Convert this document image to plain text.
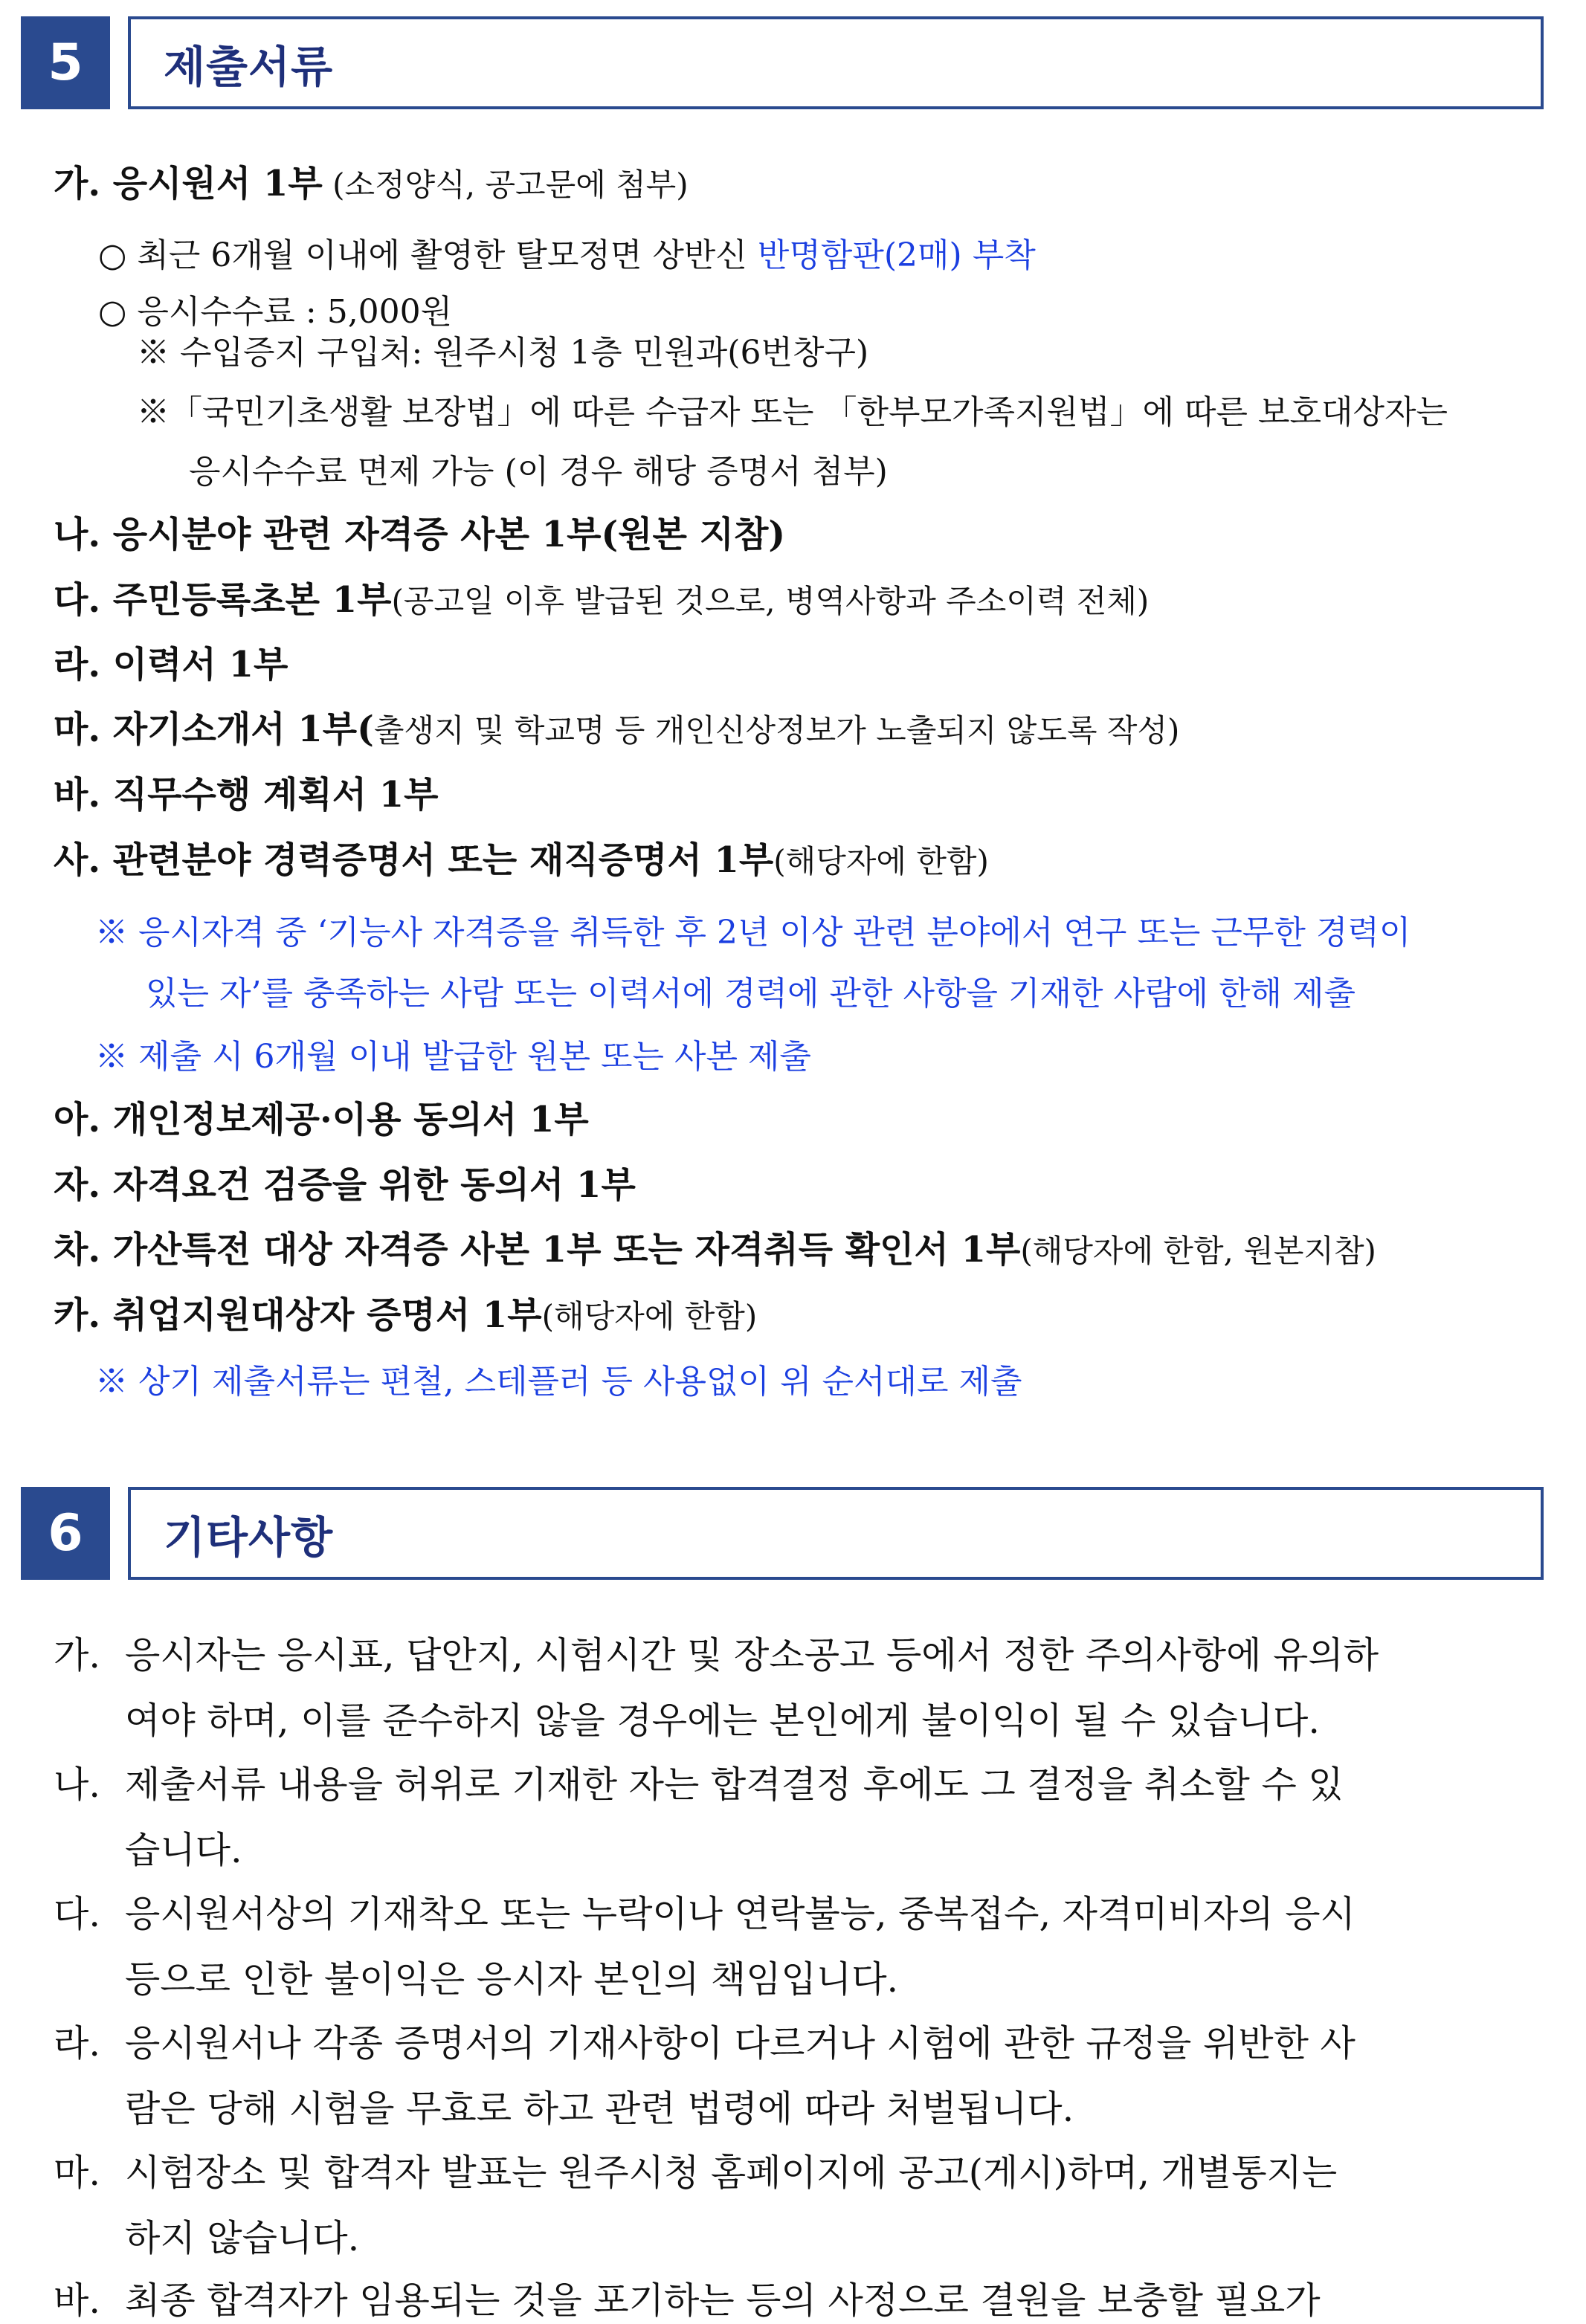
5	제출서류
가. 응시원서 1부 (소정양식, 공고문에 첨부)
○ 최근 6개월 이내에 촬영한 탈모정면 상반신 반명함판(2매) 부착
○ 응시수수료 : 5,000원
※ 수입증지 구입처: 원주시청 1층 민원과(6번창구)
※「국민기초생활 보장법」에 따른 수급자 또는 「한부모가족지원법」에 따른 보호대상자는
응시수수료 면제 가능 (이 경우 해당 증명서 첨부)
나. 응시분야 관련 자격증 사본 1부(원본 지참)
다. 주민등록초본 1부(공고일 이후 발급된 것으로, 병역사항과 주소이력 전체)
라. 이력서 1부
마. 자기소개서 1부(출생지 및 학교명 등 개인신상정보가 노출되지 않도록 작성)
바. 직무수행 계획서 1부
사. 관련분야 경력증명서 또는 재직증명서 1부(해당자에 한함)
※ 응시자격 중 ‘기능사 자격증을 취득한 후 2년 이상 관련 분야에서 연구 또는 근무한 경력이
있는 자’를 충족하는 사람 또는 이력서에 경력에 관한 사항을 기재한 사람에 한해 제출
※ 제출 시 6개월 이내 발급한 원본 또는 사본 제출
아. 개인정보제공·이용 동의서 1부
자. 자격요건 검증을 위한 동의서 1부
차. 가산특전 대상 자격증 사본 1부 또는 자격취득 확인서 1부(해당자에 한함, 원본지참)
카. 취업지원대상자 증명서 1부(해당자에 한함)
※ 상기 제출서류는 편철, 스테플러 등 사용없이 위 순서대로 제출
6	기타사항
가. 응시자는 응시표, 답안지, 시험시간 및 장소공고 등에서 정한 주의사항에 유의하
여야 하며, 이를 준수하지 않을 경우에는 본인에게 불이익이 될 수 있습니다.
나. 제출서류 내용을 허위로 기재한 자는 합격결정 후에도 그 결정을 취소할 수 있
습니다.
다. 응시원서상의 기재착오 또는 누락이나 연락불능, 중복접수, 자격미비자의 응시
등으로 인한 불이익은 응시자 본인의 책임입니다.
라. 응시원서나 각종 증명서의 기재사항이 다르거나 시험에 관한 규정을 위반한 사
람은 당해 시험을 무효로 하고 관련 법령에 따라 처벌됩니다.
마. 시험장소 및 합격자 발표는 원주시청 홈페이지에 공고(게시)하며, 개별통지는
하지 않습니다.
바. 최종 합격자가 임용되는 것을 포기하는 등의 사정으로 결원을 보충할 필요가
